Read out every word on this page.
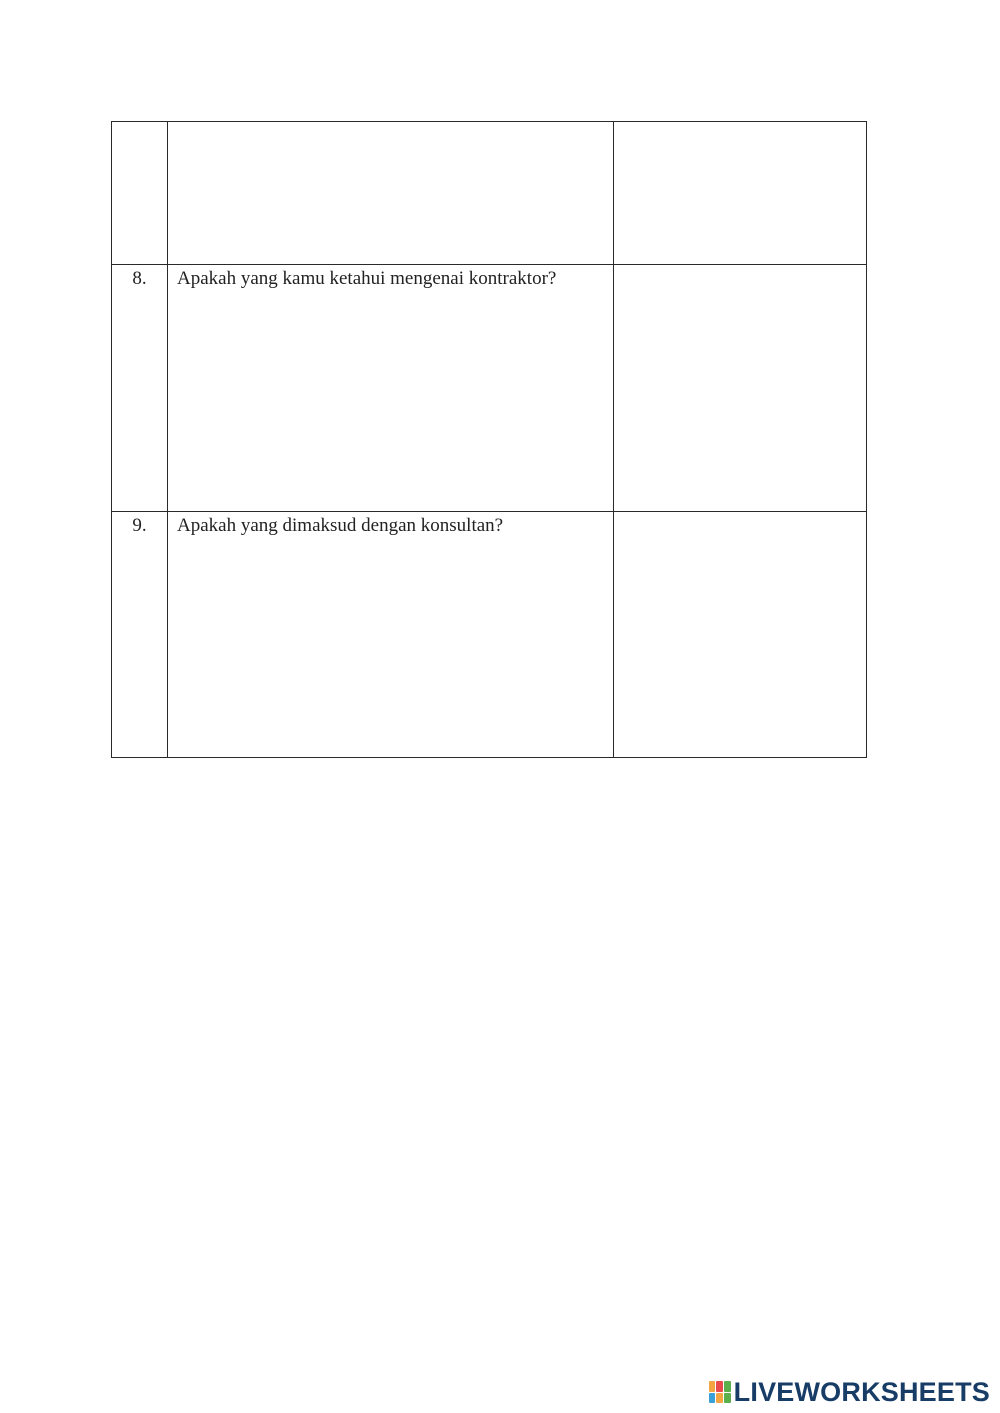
8.	Apakah yang kamu ketahui mengenai kontraktor?	

9.	Apakah yang dimaksud dengan konsultan?	
LIVEWORKSHEETS
